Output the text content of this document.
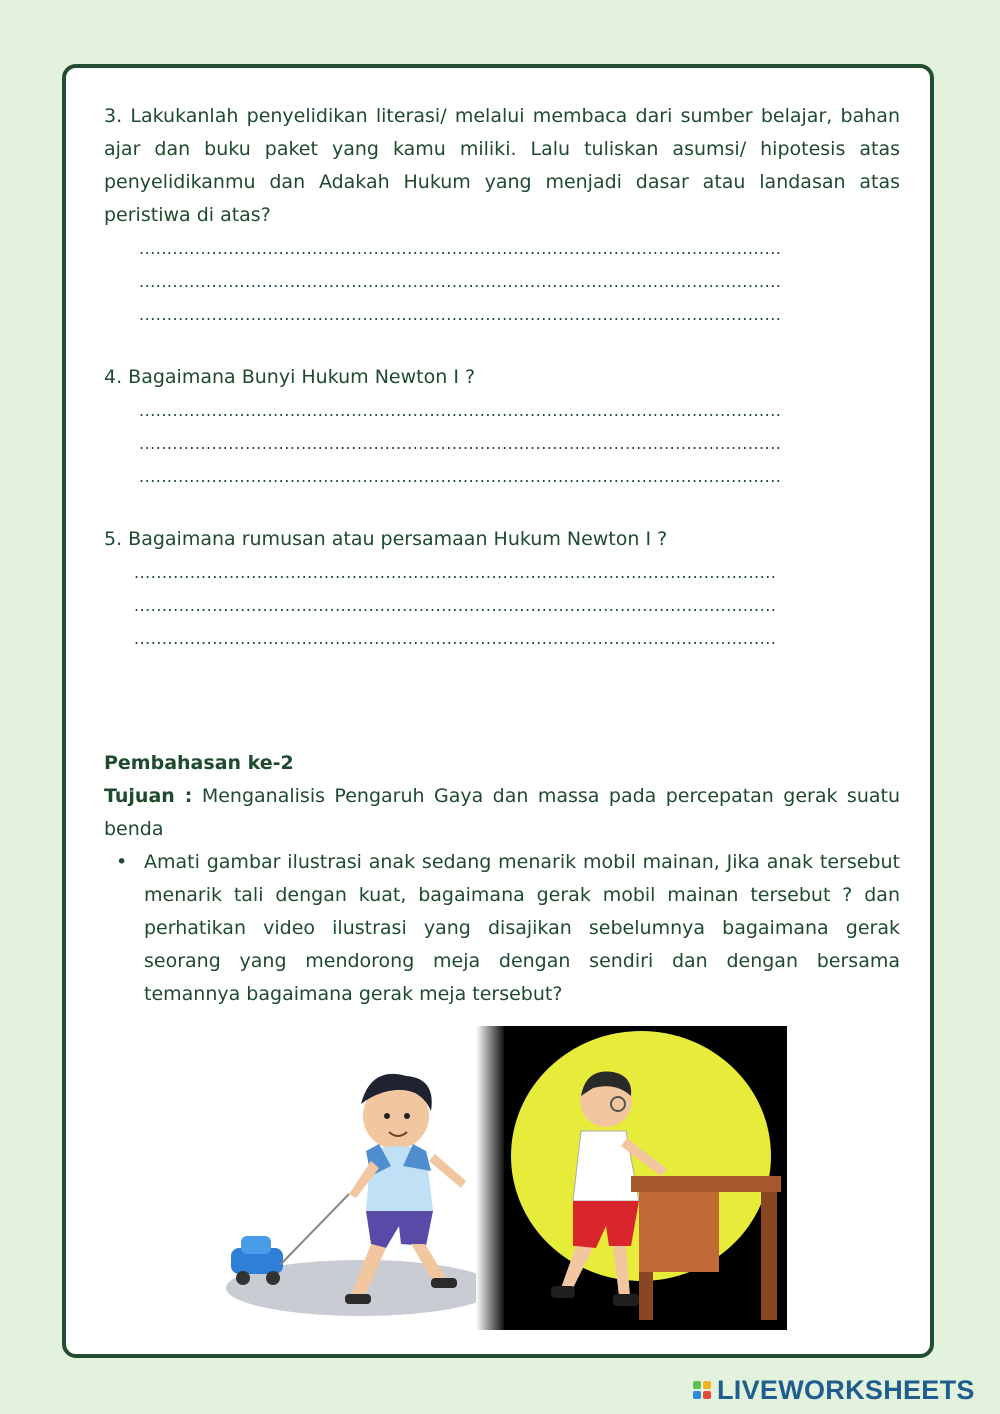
3. Lakukanlah penyelidikan literasi/ melalui membaca dari sumber belajar, bahan ajar dan buku paket yang kamu miliki. Lalu tuliskan asumsi/ hipotesis atas penyelidikanmu dan Adakah Hukum yang menjadi dasar atau landasan atas peristiwa di atas?

...................................................................................................................

...................................................................................................................

...................................................................................................................

4. Bagaimana Bunyi Hukum Newton I ?

...................................................................................................................

...................................................................................................................

...................................................................................................................

5. Bagaimana rumusan atau persamaan Hukum Newton I ?

...................................................................................................................

...................................................................................................................

...................................................................................................................

Pembahasan ke-2

Tujuan : Menganalisis Pengaruh Gaya dan massa pada percepatan gerak suatu benda

• Amati gambar ilustrasi anak sedang menarik mobil mainan, Jika anak tersebut menarik tali dengan kuat, bagaimana gerak mobil mainan tersebut ? dan perhatikan video ilustrasi yang disajikan sebelumnya bagaimana gerak seorang yang mendorong meja dengan sendiri dan dengan bersama temannya bagaimana gerak meja tersebut?
LIVEWORKSHEETS
